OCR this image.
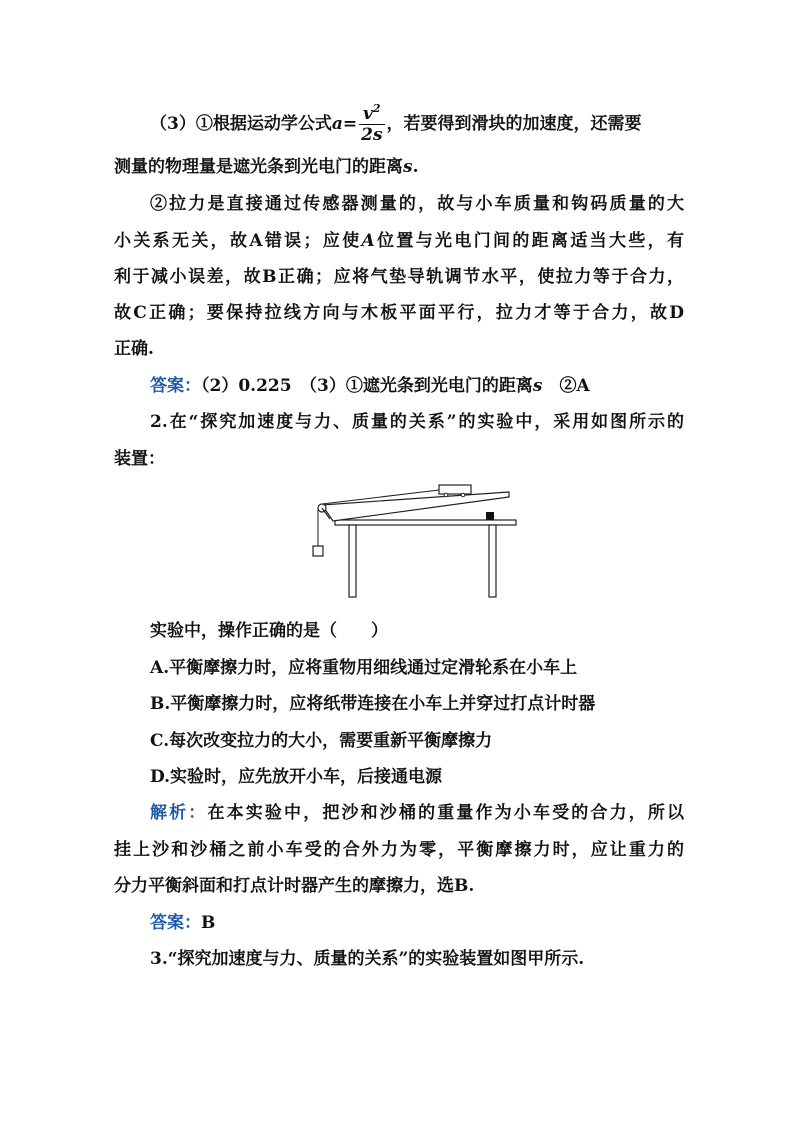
（3）①根据运动学公式$a= \frac{v^2}{2s}$ ，若要得到滑块的加速度，还需要
测量的物理量是遮光条到光电门的距离s.
②拉力是直接通过传感器测量的，故与小车质量和钩码质量的大
小关系无关，故A错误；应使A位置与光电门间的距离适当大些，有
利于减小误差，故B正确；应将气垫导轨调节水平，使拉力等于合力，
故C正确；要保持拉线方向与木板平面平行，拉力才等于合力，故D
正确.
答案：（2）0.225　（3）①遮光条到光电门的距离s　②A
2.在“探究加速度与力、质量的关系”的实验中，采用如图所示的
装置：
实验中，操作正确的是（　　）
A.平衡摩擦力时，应将重物用细线通过定滑轮系在小车上
B.平衡摩擦力时，应将纸带连接在小车上并穿过打点计时器
C.每次改变拉力的大小，需要重新平衡摩擦力
D.实验时，应先放开小车，后接通电源
解析：在本实验中，把沙和沙桶的重量作为小车受的合力，所以
挂上沙和沙桶之前小车受的合外力为零，平衡摩擦力时，应让重力的
分力平衡斜面和打点计时器产生的摩擦力，选B.
答案：B
3.“探究加速度与力、质量的关系”的实验装置如图甲所示.
